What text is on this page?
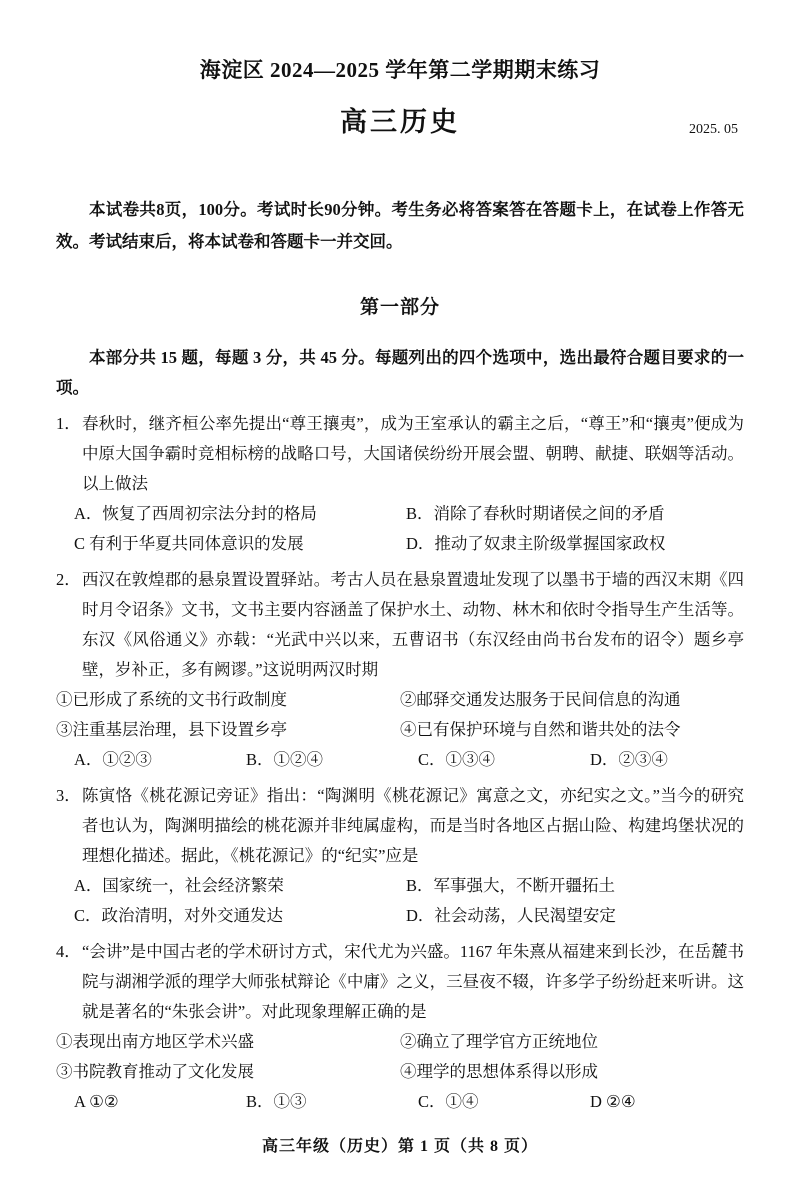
海淀区 2024—2025 学年第二学期期末练习
高三历史	2025. 05
本试卷共8页，100分。考试时长90分钟。考生务必将答案答在答题卡上，在试卷上作答无效。考试结束后，将本试卷和答题卡一并交回。
第一部分
本部分共 15 题，每题 3 分，共 45 分。每题列出的四个选项中，选出最符合题目要求的一项。
1． 春秋时，继齐桓公率先提出“尊王攘夷”，成为王室承认的霸主之后，“尊王”和“攘夷”便成为中原大国争霸时竞相标榜的战略口号，大国诸侯纷纷开展会盟、朝聘、献捷、联姻等活动。以上做法
A．恢复了西周初宗法分封的格局	B．消除了春秋时期诸侯之间的矛盾
C 有利于华夏共同体意识的发展	D．推动了奴隶主阶级掌握国家政权
2． 西汉在敦煌郡的悬泉置设置驿站。考古人员在悬泉置遗址发现了以墨书于墙的西汉末期《四时月令诏条》文书，文书主要内容涵盖了保护水土、动物、林木和依时令指导生产生活等。东汉《风俗通义》亦载：“光武中兴以来，五曹诏书（东汉经由尚书台发布的诏令）题乡亭壁，岁补正，多有阙谬。”这说明两汉时期
①已形成了系统的文书行政制度	②邮驿交通发达服务于民间信息的沟通
③注重基层治理，县下设置乡亭	④已有保护环境与自然和谐共处的法令
A．①②③	B．①②④	C．①③④	D．②③④
3． 陈寅恪《桃花源记旁证》指出：“陶渊明《桃花源记》寓意之文，亦纪实之文。”当今的研究者也认为，陶渊明描绘的桃花源并非纯属虚构，而是当时各地区占据山险、构建坞堡状况的理想化描述。据此，《桃花源记》的“纪实”应是
A．国家统一，社会经济繁荣	B．军事强大，不断开疆拓土
C．政治清明，对外交通发达	D．社会动荡，人民渴望安定
4． “会讲”是中国古老的学术研讨方式，宋代尤为兴盛。1167 年朱熹从福建来到长沙，在岳麓书院与湖湘学派的理学大师张栻辩论《中庸》之义，三昼夜不辍，许多学子纷纷赶来听讲。这就是著名的“朱张会讲”。对此现象理解正确的是
①表现出南方地区学术兴盛	②确立了理学官方正统地位
③书院教育推动了文化发展	④理学的思想体系得以形成
A ①②	B．①③	C．①④	D ②④
高三年级（历史）第 1 页（共 8 页）
